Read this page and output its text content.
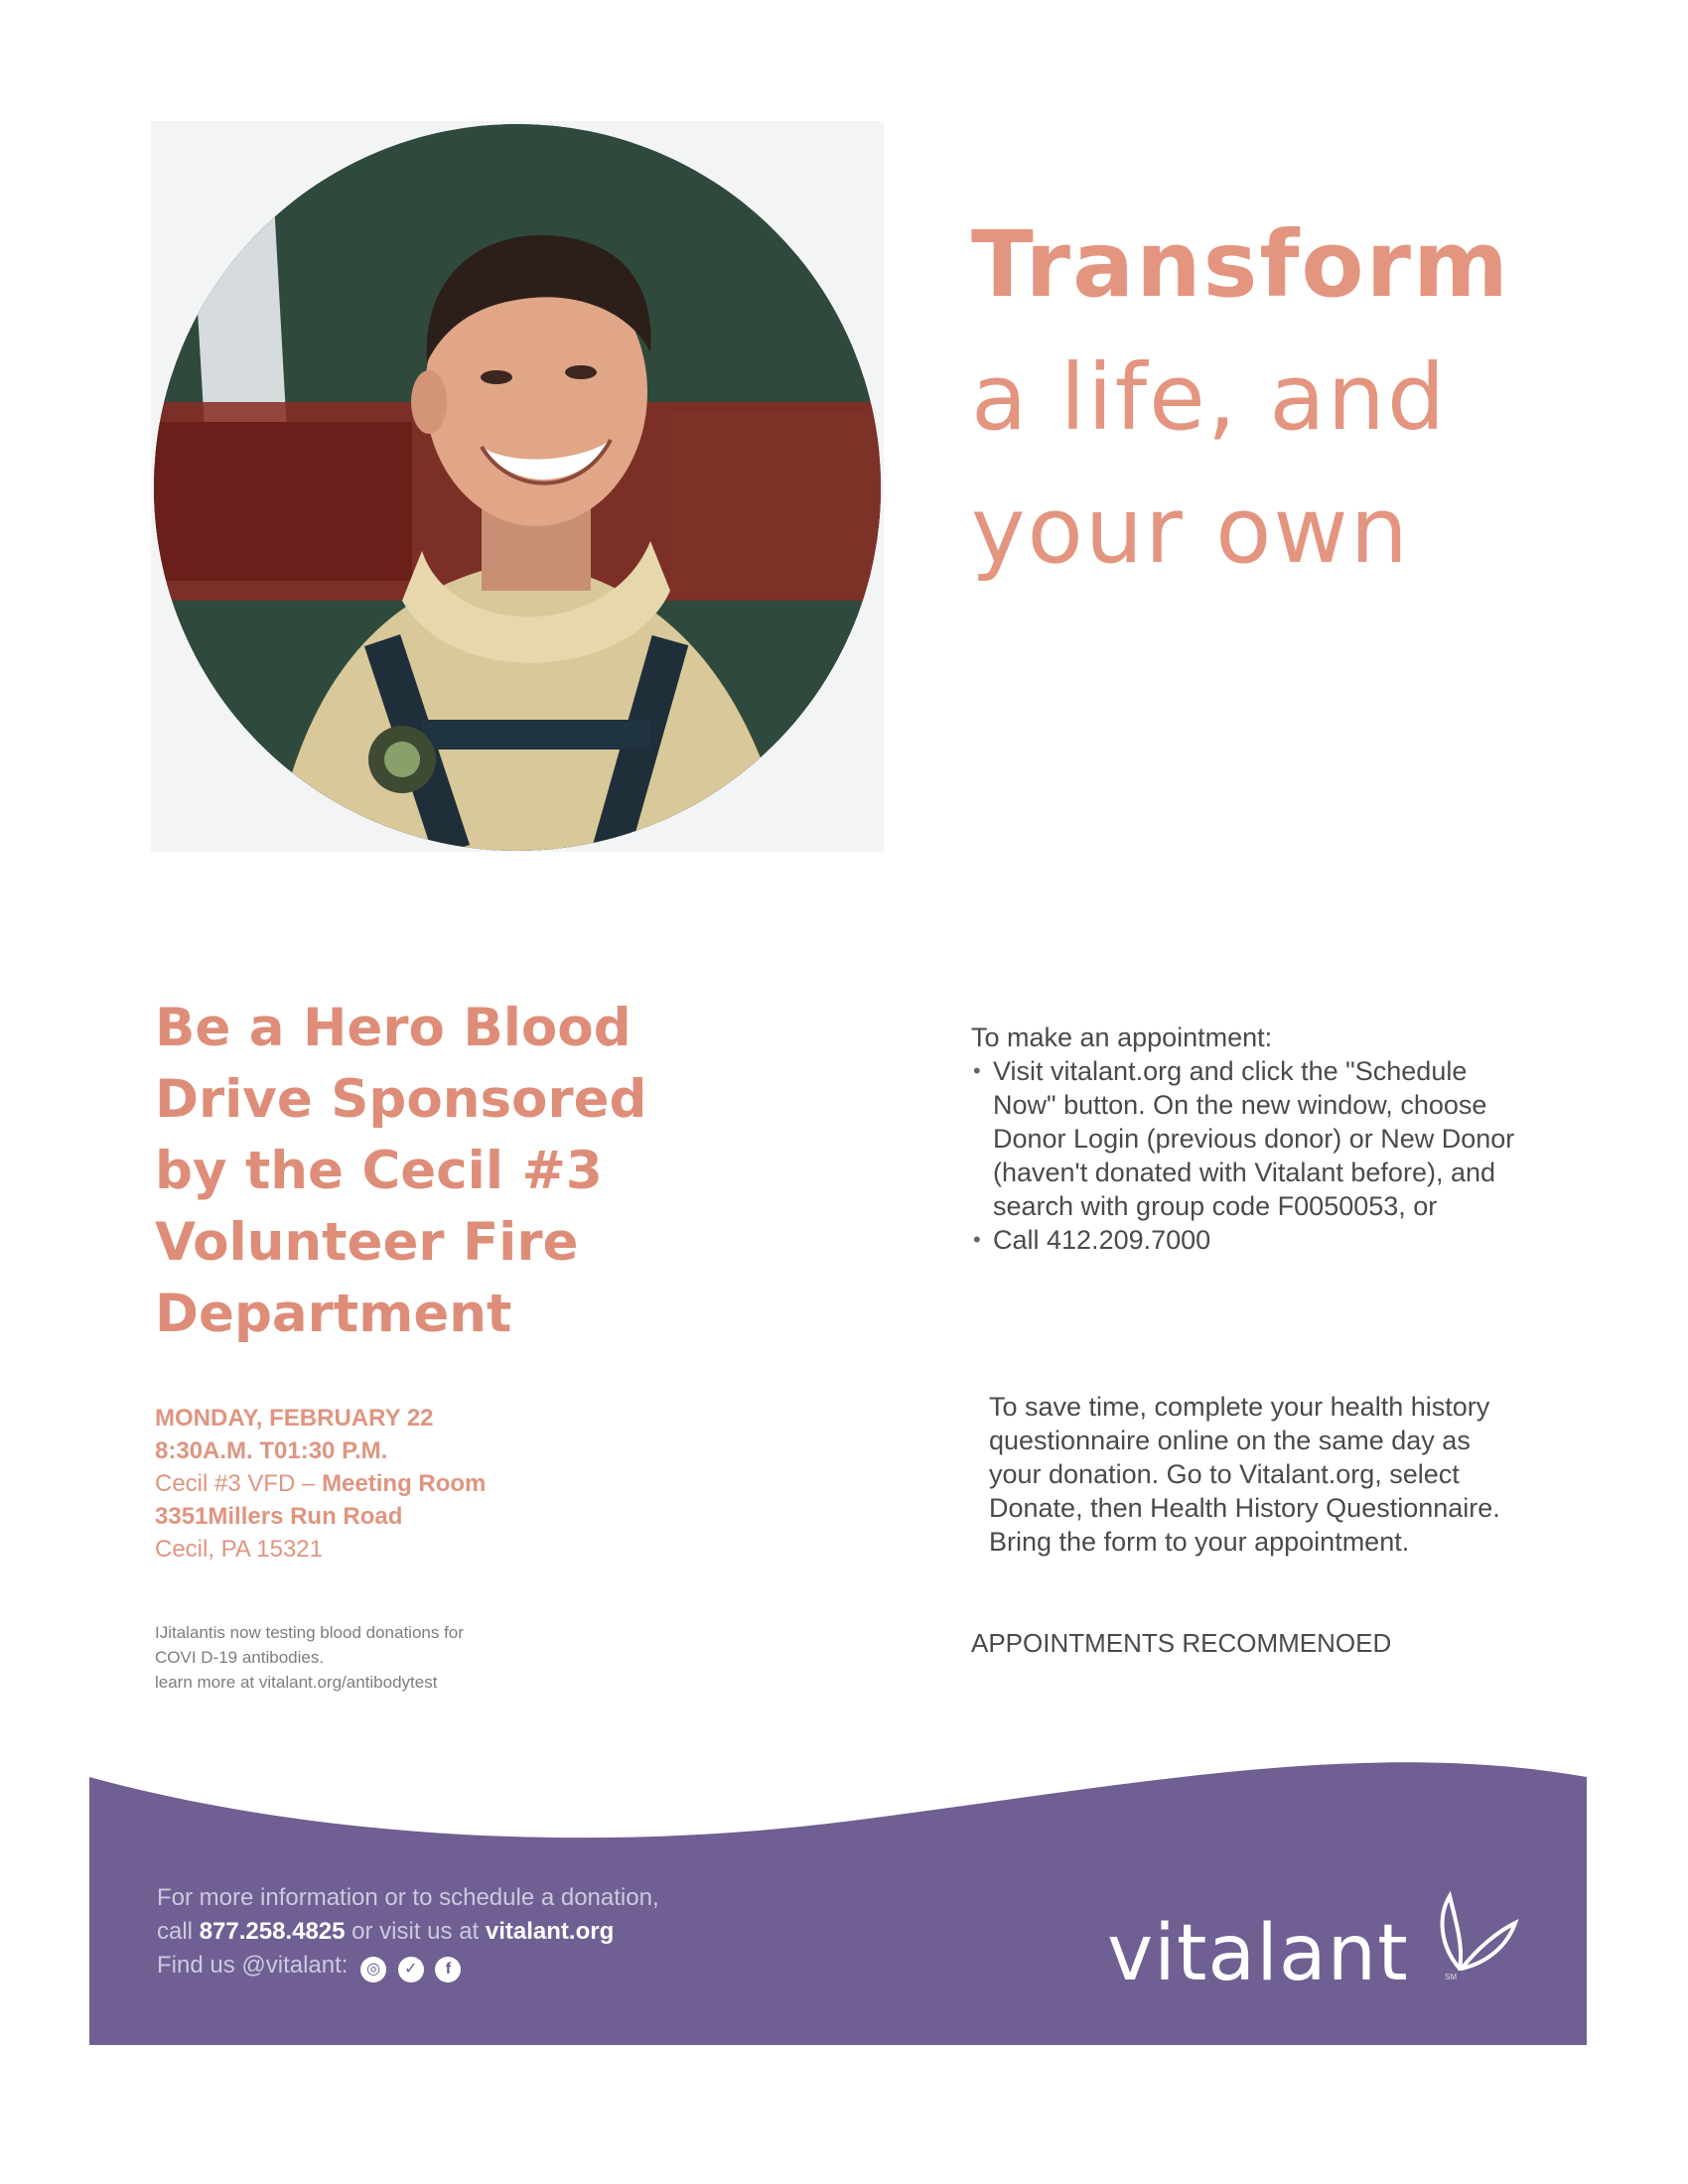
Transform
a life, and
your own
Be a Hero Blood
Drive Sponsored
by the Cecil #3
Volunteer Fire
Department
MONDAY, FEBRUARY 22
8:30A.M. T01:30 P.M.
Cecil #3 VFD – Meeting Room
3351Millers Run Road
Cecil, PA 15321
IJitalantis now testing blood donations for
COVI D-19 antibodies.
learn more at vitalant.org/antibodytest
To make an appointment:
• Visit vitalant.org and click the "Schedule Now" button. On the new window, choose Donor Login (previous donor) or New Donor (haven't donated with Vitalant before), and search with group code F0050053, or
• Call 412.209.7000
To save time, complete your health history questionnaire online on the same day as your donation. Go to Vitalant.org, select Donate, then Health History Questionnaire. Bring the form to your appointment.
APPOINTMENTS RECOMMENOED
For more information or to schedule a donation,
call 877.258.4825 or visit us at vitalant.org
Find us @vitalant: ◎ ✓ f	vitalant	SM
